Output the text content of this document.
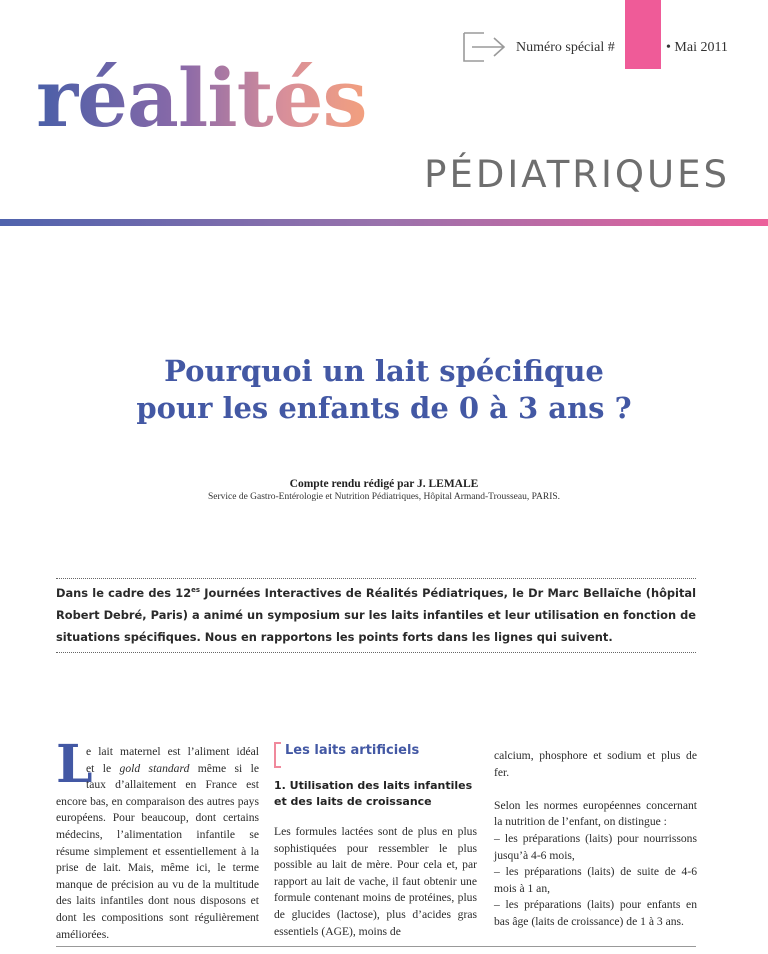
Numéro spécial #	• Mai 2011
réalités
PÉDIATRIQUES
Pourquoi un lait spécifique
pour les enfants de 0 à 3 ans ?
Compte rendu rédigé par J. LEMALE
Service de Gastro-Entérologie et Nutrition Pédiatriques, Hôpital Armand-Trousseau, PARIS.

Dans le cadre des $12^{es}$ Journées Interactives de Réalités Pédiatriques, le Dr Marc Bellaïche (hôpital Robert Debré, Paris) a animé un symposium sur les laits infantiles et leur utilisation en fonction de situations spécifiques. Nous en rapportons les points forts dans les lignes qui suivent.

L
e lait maternel est l’aliment idéal
et le gold standard même si le
taux d’allaitement en France est

encore bas, en comparaison des autres pays européens. Pour beaucoup, dont certains médecins, l’alimentation infantile se résume simplement et essentiellement à la prise de lait. Mais, même ici, le terme manque de précision au vu de la multitude des laits infantiles dont nous disposons et dont les compositions sont régulièrement améliorées.

Les laits artificiels
1. Utilisation des laits infantiles
et des laits de croissance

Les formules lactées sont de plus en plus sophistiquées pour ressembler le plus possible au lait de mère. Pour cela et, par rapport au lait de vache, il faut obtenir une formule contenant moins de protéines, plus de glucides (lactose), plus d’acides gras essentiels (AGE), moins de

calcium, phosphore et sodium et plus de fer.

Selon les normes européennes concernant la nutrition de l’enfant, on distingue :

– les préparations (laits) pour nourrissons jusqu’à 4-6 mois,

– les préparations (laits) de suite de 4-6 mois à 1 an,

– les préparations (laits) pour enfants en bas âge (laits de croissance) de 1 à 3 ans.
